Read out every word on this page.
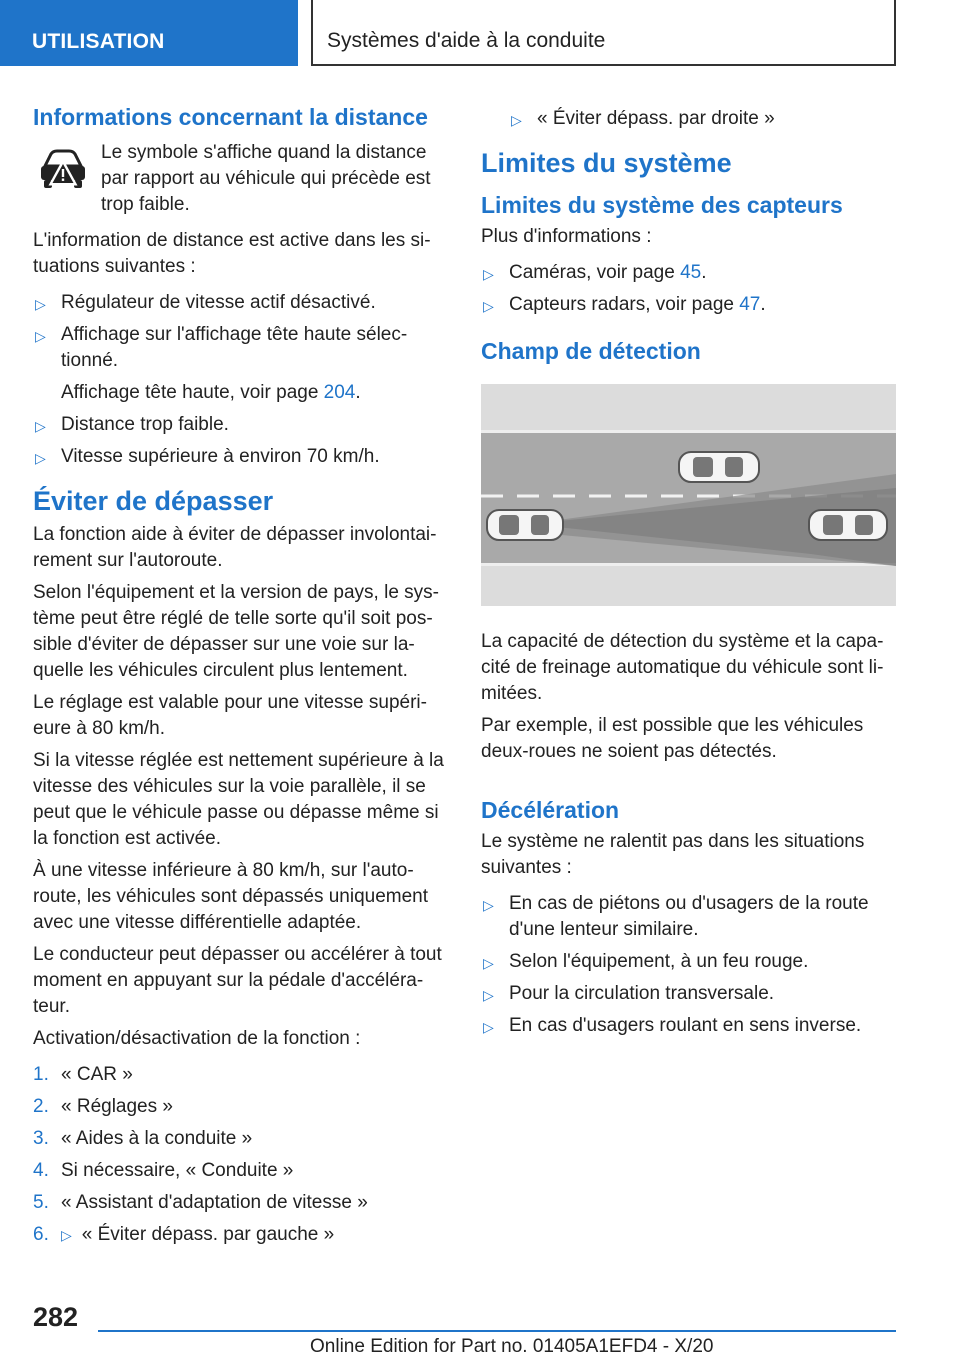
UTILISATION	Systèmes d'aide à la conduite
Informations concernant la distance

Le symbole s'affiche quand la distance par rapport au véhicule qui précède est trop faible.

L'information de distance est active dans les si-tuations suivantes :

▷ Régulateur de vitesse actif désactivé.
▷ Affichage sur l'affichage tête haute sélec-tionné.
Affichage tête haute, voir page 204.
▷ Distance trop faible.
▷ Vitesse supérieure à environ 70 km/h.
Éviter de dépasser

La fonction aide à éviter de dépasser involontai-rement sur l'autoroute.

Selon l'équipement et la version de pays, le sys-tème peut être réglé de telle sorte qu'il soit pos-sible d'éviter de dépasser sur une voie sur la-quelle les véhicules circulent plus lentement.

Le réglage est valable pour une vitesse supéri-eure à 80 km/h.

Si la vitesse réglée est nettement supérieure à la vitesse des véhicules sur la voie parallèle, il se peut que le véhicule passe ou dépasse même si la fonction est activée.

À une vitesse inférieure à 80 km/h, sur l'auto-route, les véhicules sont dépassés uniquement avec une vitesse différentielle adaptée.

Le conducteur peut dépasser ou accélérer à tout moment en appuyant sur la pédale d'accéléra-teur.

Activation/désactivation de la fonction :

1. « CAR »
2. « Réglages »
3. « Aides à la conduite »
4. Si nécessaire, « Conduite »
5. « Assistant d'adaptation de vitesse »
6. ▷ « Éviter dépass. par gauche »
▷ « Éviter dépass. par droite »
Limites du système
Limites du système des capteurs

Plus d'informations :

▷ Caméras, voir page 45.
▷ Capteurs radars, voir page 47.
Champ de détection

La capacité de détection du système et la capa-cité de freinage automatique du véhicule sont li-mitées.

Par exemple, il est possible que les véhicules deux-roues ne soient pas détectés.

Décélération

Le système ne ralentit pas dans les situations suivantes :

▷ En cas de piétons ou d'usagers de la route d'une lenteur similaire.
▷ Selon l'équipement, à un feu rouge.
▷ Pour la circulation transversale.
▷ En cas d'usagers roulant en sens inverse.
282
Online Edition for Part no. 01405A1EFD4 - X/20
